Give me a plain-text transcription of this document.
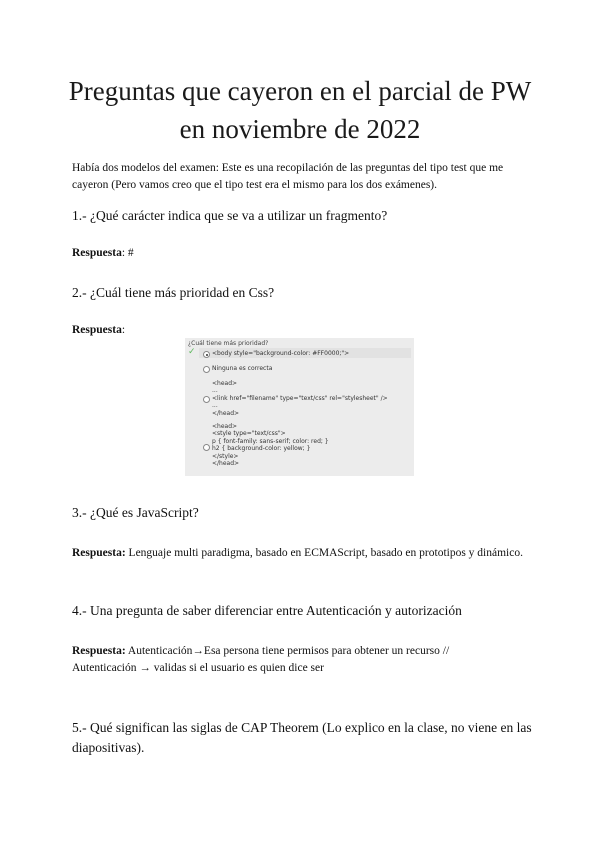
Preguntas que cayeron en el parcial de PW
en noviembre de 2022
Había dos modelos del examen: Este es una recopilación de las preguntas del tipo test que me cayeron (Pero vamos creo que el tipo test era el mismo para los dos exámenes).
1.- ¿Qué carácter indica que se va a utilizar un fragmento?
Respuesta: #
2.- ¿Cuál tiene más prioridad en Css?
Respuesta:
¿Cuál tiene más prioridad?
✓	<body style="background-color: #FF0000;">
Ninguna es correcta
<head>
...
<link href="filename" type="text/css" rel="stylesheet" />
...
</head>
<head>
<style type="text/css">
p { font-family: sans-serif; color: red; }
h2 { background-color: yellow; }
</style>
</head>
3.- ¿Qué es JavaScript?
Respuesta: Lenguaje multi paradigma, basado en ECMAScript, basado en prototipos y dinámico.
4.- Una pregunta de saber diferenciar entre Autenticación y autorización
Respuesta: Autenticación→Esa persona tiene permisos para obtener un recurso //
Autenticación → validas si el usuario es quien dice ser
5.- Qué significan las siglas de CAP Theorem (Lo explico en la clase, no viene en las diapositivas).
